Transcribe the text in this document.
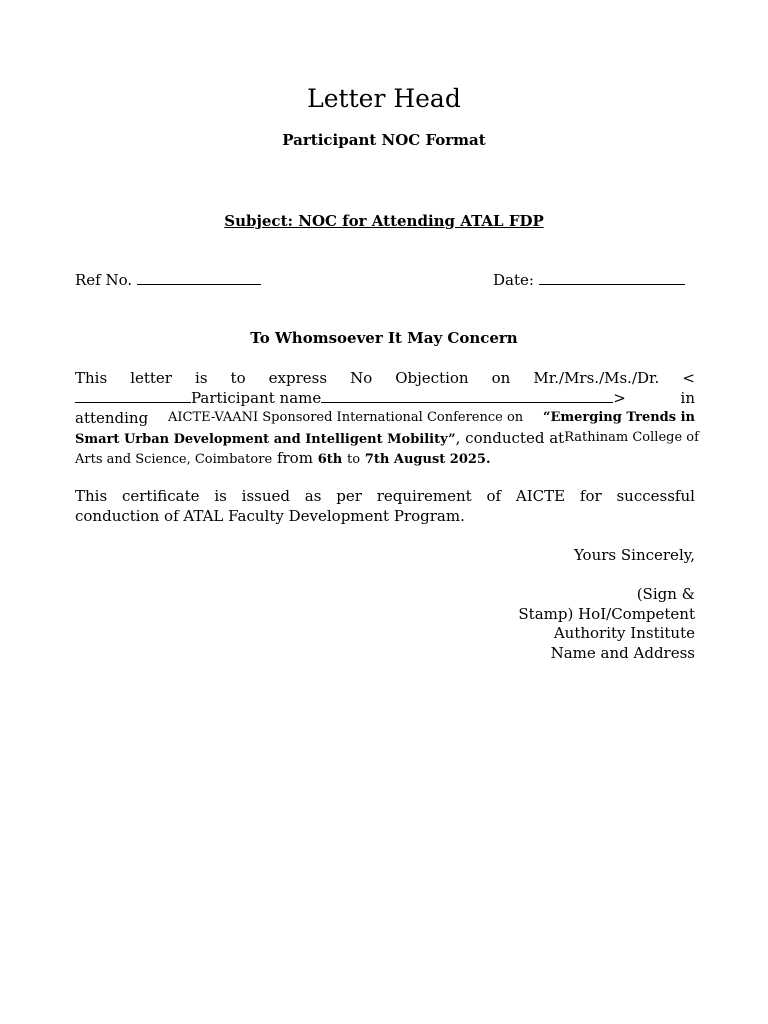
Letter Head
Participant NOC Format
Subject: NOC for Attending ATAL FDP
Ref No.	Date:
To Whomsoever It May Concern
This letter is to express No Objection on Mr./Mrs./Ms./Dr. <
Participant name	>	in
attending AICTE-VAANI Sponsored International Conference on “Emerging Trends in
Smart Urban Development and Intelligent Mobility”, conducted at Rathinam College of
Arts and Science, Coimbatore from 6th to 7th August 2025.
This certificate is issued as per requirement of AICTE for successful
conduction of ATAL Faculty Development Program.
Yours Sincerely,
(Sign &
Stamp) HoI/Competent
Authority Institute
Name and Address
